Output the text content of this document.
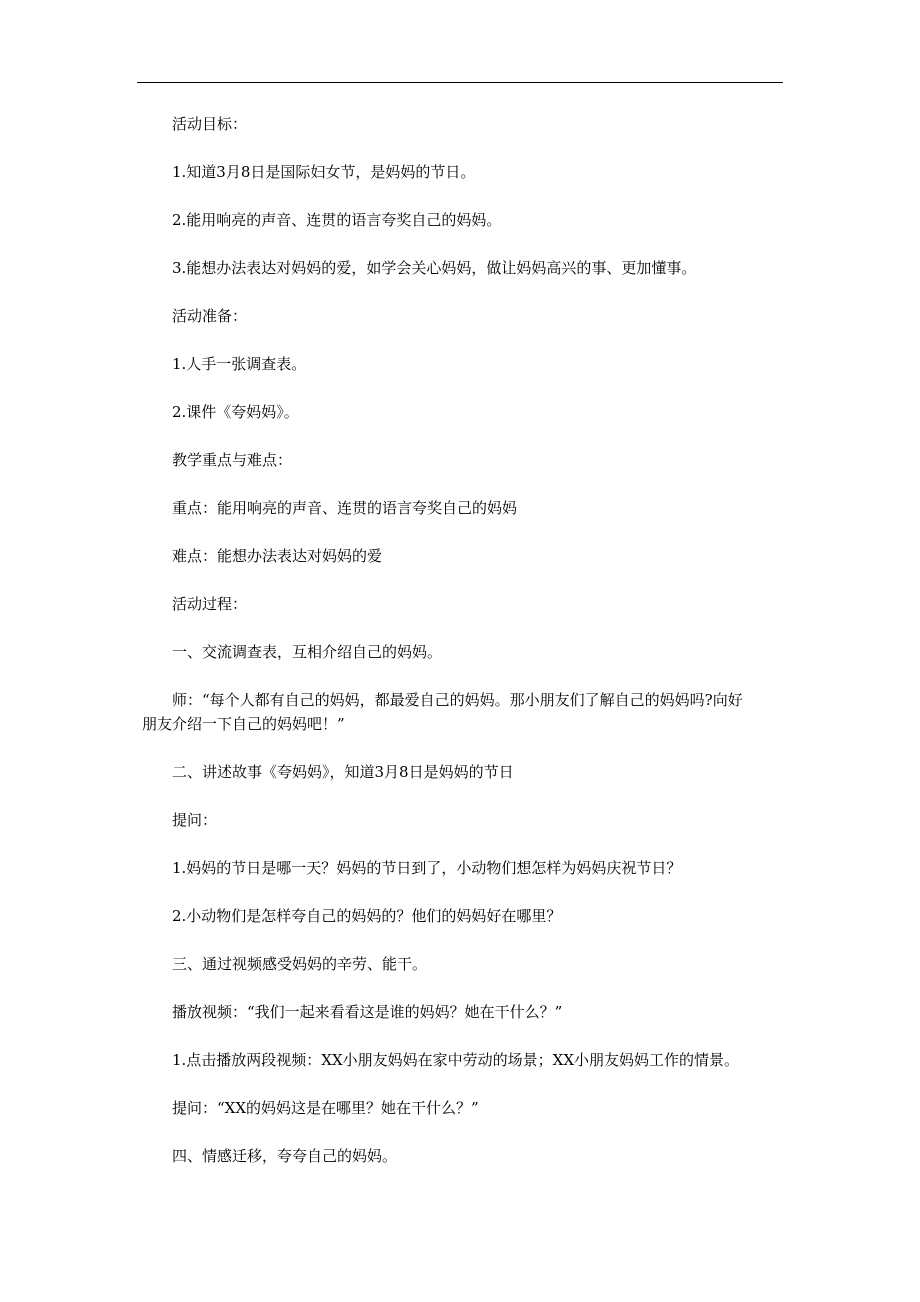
活动目标：

1.知道3月8日是国际妇女节，是妈妈的节日。

2.能用响亮的声音、连贯的语言夸奖自己的妈妈。

3.能想办法表达对妈妈的爱，如学会关心妈妈，做让妈妈高兴的事、更加懂事。

活动准备：

1.人手一张调查表。

2.课件《夸妈妈》。

教学重点与难点：

重点：能用响亮的声音、连贯的语言夸奖自己的妈妈

难点：能想办法表达对妈妈的爱

活动过程：

一、交流调查表，互相介绍自己的妈妈。

师：“每个人都有自己的妈妈，都最爱自己的妈妈。那小朋友们了解自己的妈妈吗?向好
朋友介绍一下自己的妈妈吧！”

二、讲述故事《夸妈妈》，知道3月8日是妈妈的节日

提问：

1.妈妈的节日是哪一天？妈妈的节日到了，小动物们想怎样为妈妈庆祝节日？

2.小动物们是怎样夸自己的妈妈的？他们的妈妈好在哪里？

三、通过视频感受妈妈的辛劳、能干。

播放视频：“我们一起来看看这是谁的妈妈？她在干什么？”

1.点击播放两段视频：XX小朋友妈妈在家中劳动的场景；XX小朋友妈妈工作的情景。

提问：“XX的妈妈这是在哪里？她在干什么？”

四、情感迁移，夸夸自己的妈妈。
